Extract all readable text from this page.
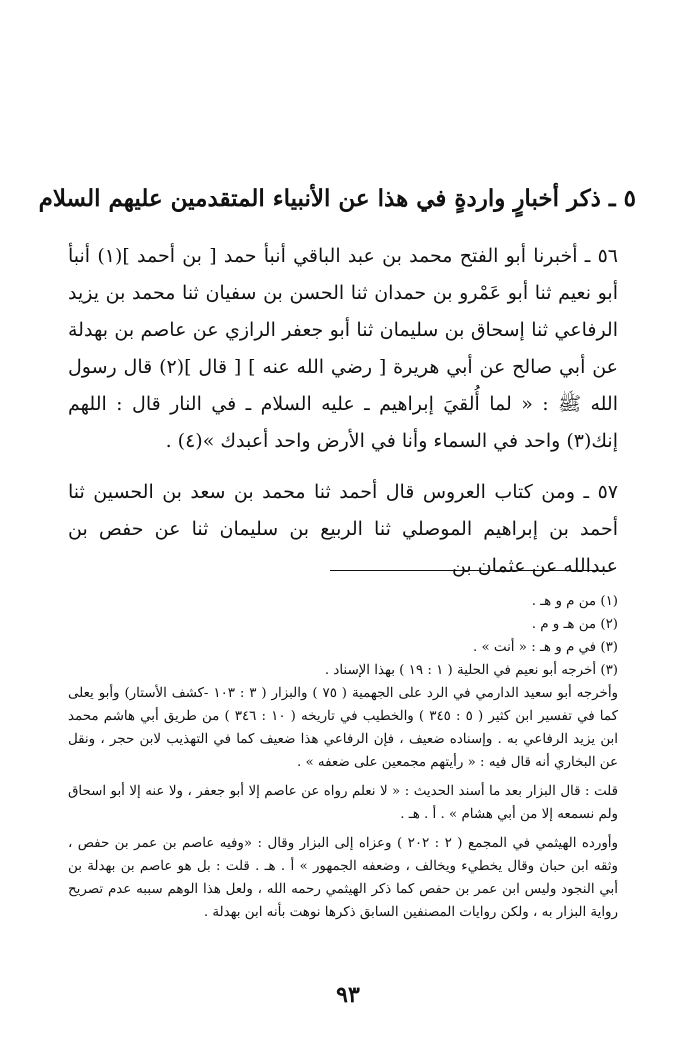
٥ ـ ذكر أخبارٍ واردةٍ في هذا عن الأنبياء المتقدمين عليهم السلام
٥٦ ـ أخبرنا أبو الفتح محمد بن عبد الباقي أنبأ حمد [ بن أحمد ](١) أنبأ أبو نعيم ثنا أبو عَمْرو بن حمدان ثنا الحسن بن سفيان ثنا محمد بن يزيد الرفاعي ثنا إسحاق بن سليمان ثنا أبو جعفر الرازي عن عاصم بن بهدلة عن أبي صالح عن أبي هريرة [ رضي الله عنه ] [ قال ](٢) قال رسول الله ﷺ : « لما أُلقيَ إبراهيم ـ عليه السلام ـ في النار قال : اللهم إنك(٣) واحد في السماء وأنا في الأرض واحد أعبدك »(٤) .
٥٧ ـ ومن كتاب العروس قال أحمد ثنا محمد بن سعد بن الحسين ثنا أحمد بن إبراهيم الموصلي ثنا الربيع بن سليمان ثنا عن حفص بن عبدالله عن عثمان بن

(١) من م و هـ .

(٢) من هـ و م .

(٣) في م و هـ : « أنت » .

(٣) أخرجه أبو نعيم في الحلية ( ١ : ١٩ ) بهذا الإسناد .

وأخرجه أبو سعيد الدارمي في الرد على الجهمية ( ٧٥ ) والبزار ( ٣ : ١٠٣ -كشف الأستار) وأبو يعلى كما في تفسير ابن كثير ( ٥ : ٣٤٥ ) والخطيب في تاريخه ( ١٠ : ٣٤٦ ) من طريق أبي هاشم محمد ابن يزيد الرفاعي به . وإسناده ضعيف ، فإن الرفاعي هذا ضعيف كما في التهذيب لابن حجر ، ونقل عن البخاري أنه قال فيه : « رأيتهم مجمعين على ضعفه » .

قلت : قال البزار بعد ما أسند الحديث : « لا نعلم رواه عن عاصم إلا أبو جعفر ، ولا عنه إلا أبو اسحاق ولم نسمعه إلا من أبي هشام » . أ . هـ .

وأورده الهيثمي في المجمع ( ٢ : ٢٠٢ ) وعزاه إلى البزار وقال : «وفيه عاصم بن عمر بن حفص ، وثقه ابن حبان وقال يخطيء ويخالف ، وضعفه الجمهور » أ . هـ . قلت : بل هو عاصم بن بهدلة بن أبي النجود وليس ابن عمر بن حفص كما ذكر الهيثمي رحمه الله ، ولعل هذا الوهم سببه عدم تصريح رواية البزار به ، ولكن روايات المصنفين السابق ذكرها نوهت بأنه ابن بهدلة .

٩٣
